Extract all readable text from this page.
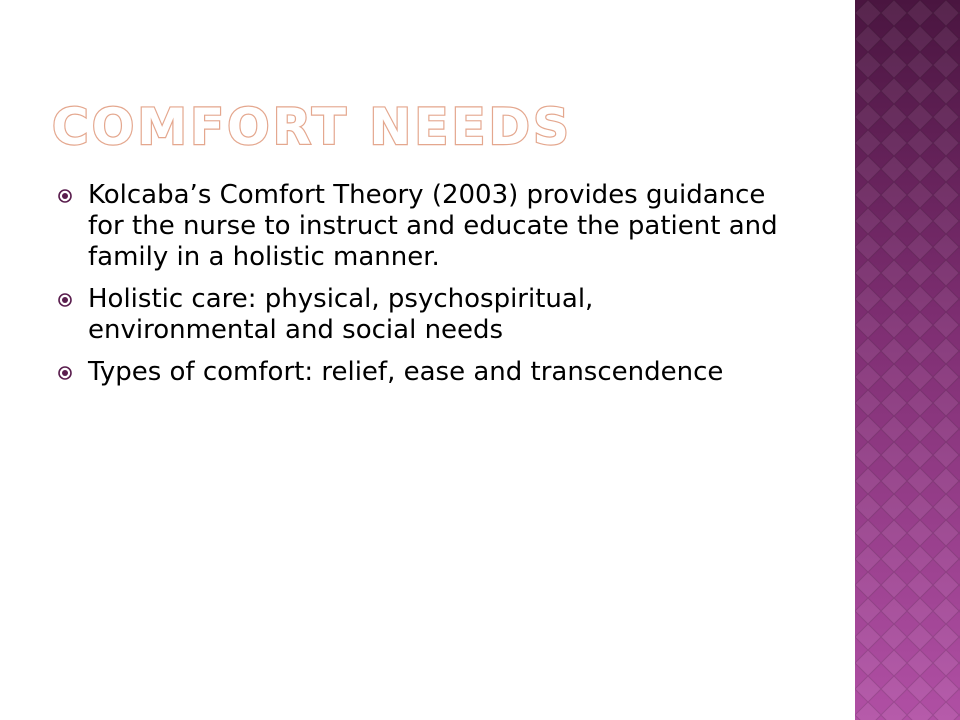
COMFORT NEEDS
Kolcaba’s Comfort Theory (2003) provides guidance for the nurse to instruct and educate the patient and family in a holistic manner.
Holistic care: physical, psychospiritual, environmental and social needs
Types of comfort: relief, ease and transcendence
